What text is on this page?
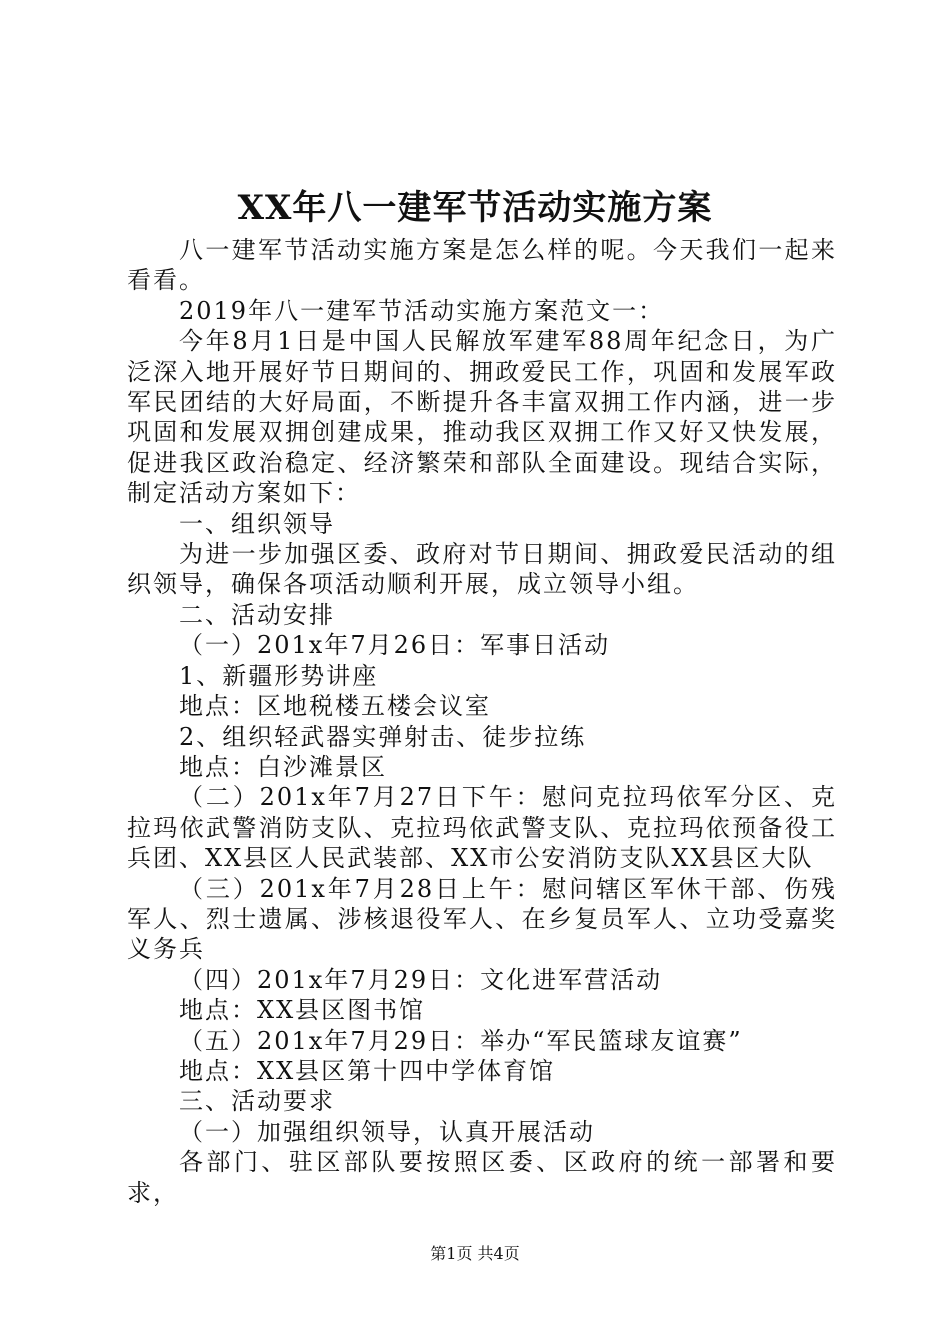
XX年八一建军节活动实施方案

八一建军节活动实施方案是怎么样的呢。今天我们一起来看看。

2019年八一建军节活动实施方案范文一：

今年8月1日是中国人民解放军建军88周年纪念日，为广泛深入地开展好节日期间的、拥政爱民工作，巩固和发展军政军民团结的大好局面，不断提升各丰富双拥工作内涵，进一步巩固和发展双拥创建成果，推动我区双拥工作又好又快发展，促进我区政治稳定、经济繁荣和部队全面建设。现结合实际，制定活动方案如下：

一、组织领导

为进一步加强区委、政府对节日期间、拥政爱民活动的组织领导，确保各项活动顺利开展，成立领导小组。

二、活动安排

（一）201x年7月26日：军事日活动

1、新疆形势讲座

地点：区地税楼五楼会议室

2、组织轻武器实弹射击、徒步拉练

地点：白沙滩景区

（二）201x年7月27日下午：慰问克拉玛依军分区、克拉玛依武警消防支队、克拉玛依武警支队、克拉玛依预备役工兵团、XX县区人民武装部、XX市公安消防支队XX县区大队

（三）201x年7月28日上午：慰问辖区军休干部、伤残军人、烈士遗属、涉核退役军人、在乡复员军人、立功受嘉奖义务兵

（四）201x年7月29日：文化进军营活动

地点：XX县区图书馆

（五）201x年7月29日：举办“军民篮球友谊赛”

地点：XX县区第十四中学体育馆

三、活动要求

（一）加强组织领导，认真开展活动

各部门、驻区部队要按照区委、区政府的统一部署和要求，

第1页 共4页
